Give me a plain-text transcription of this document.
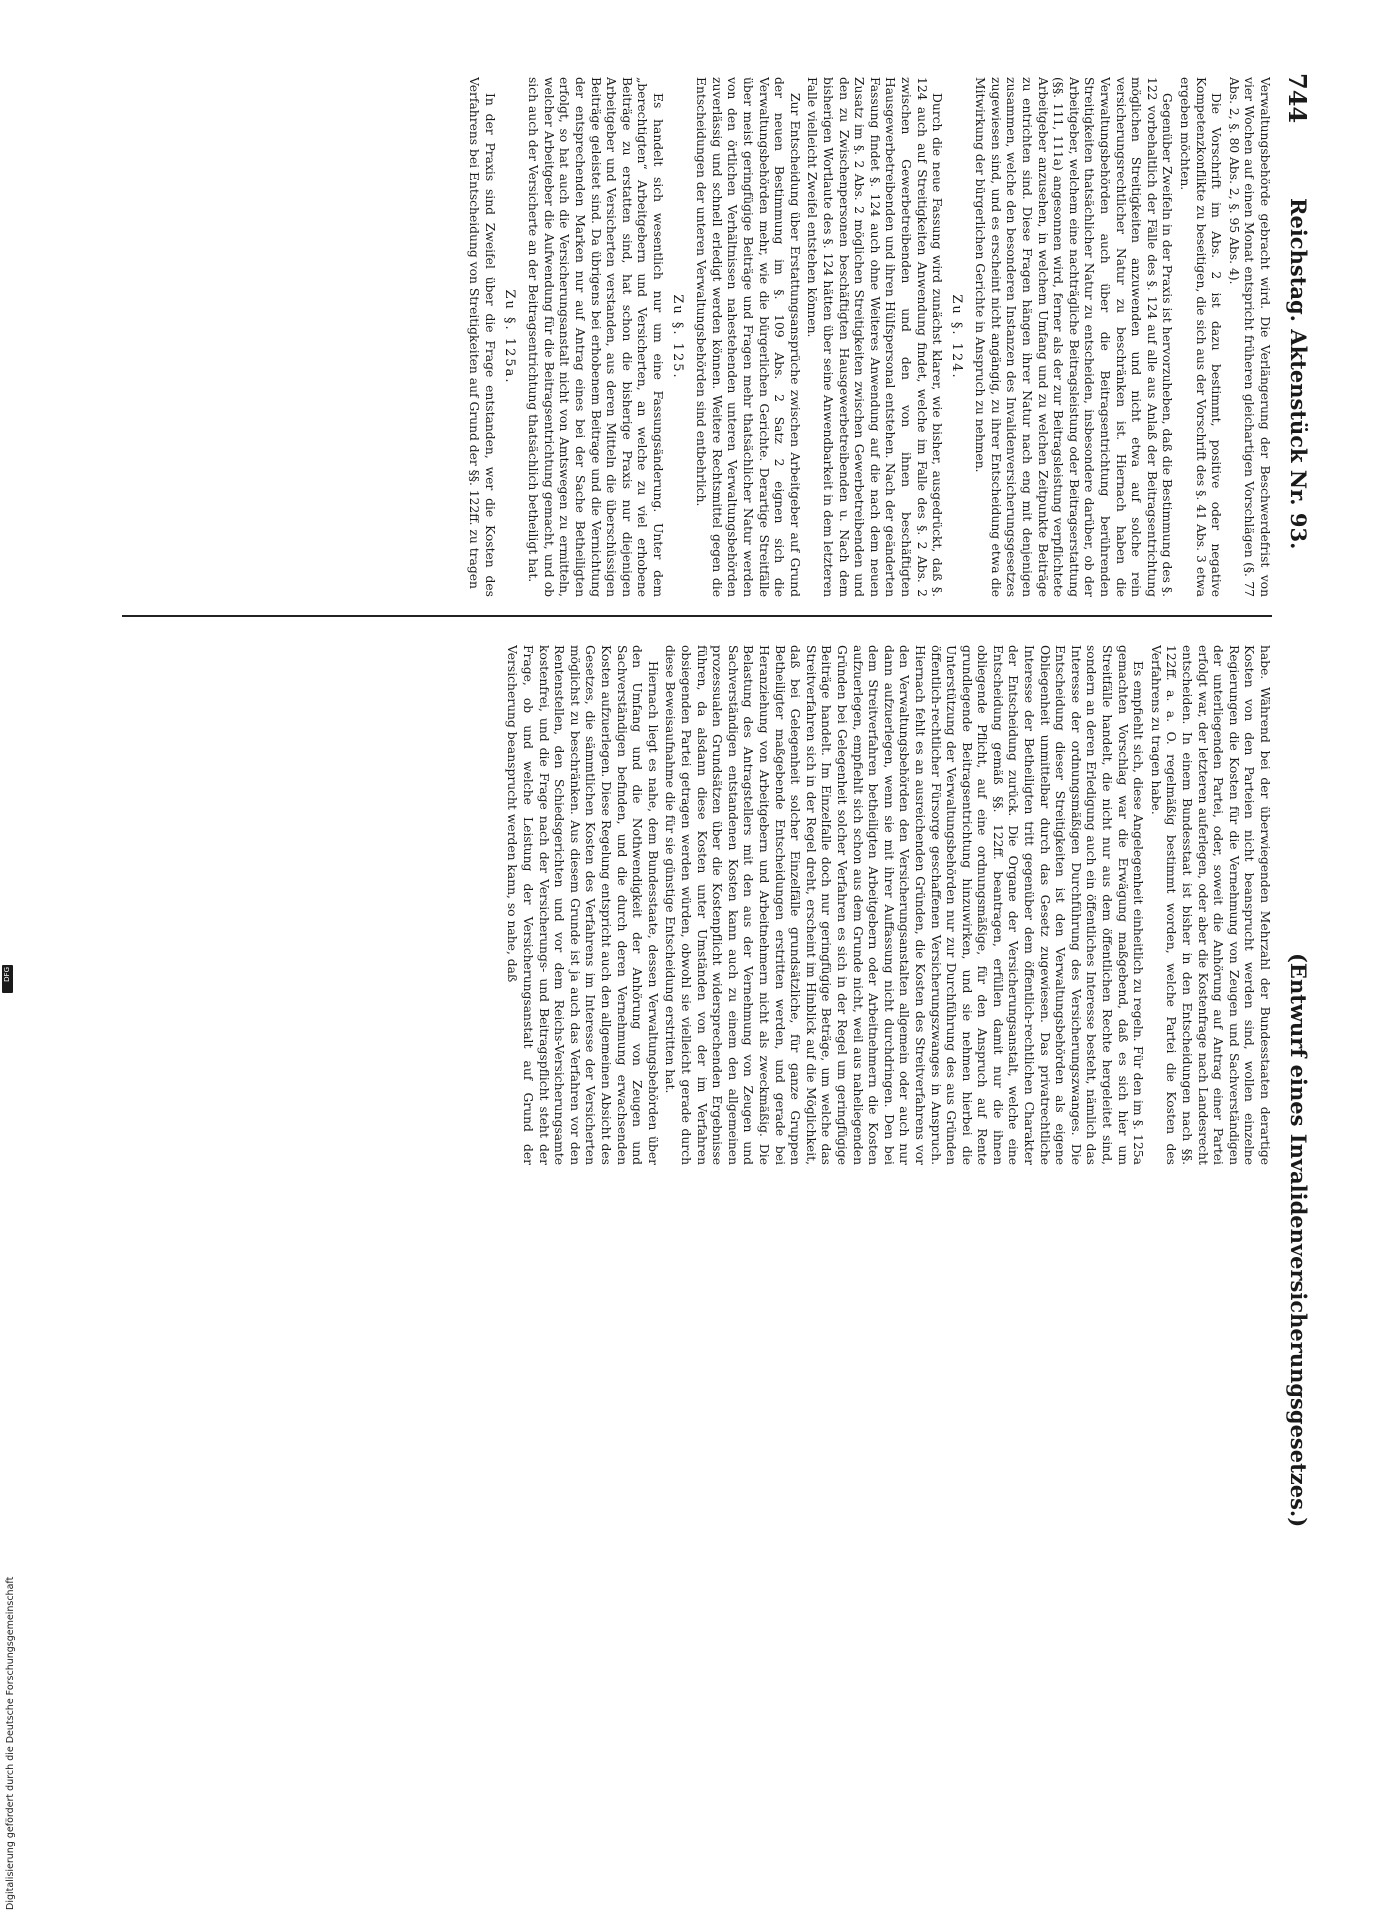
744
Reichstag. Aktenstück Nr. 93.
(Entwurf eines Invalidenversicherungsgesetzes.)

Verwaltungsbehörde gebracht wird. Die Verlängerung der Beschwerdefrist von vier Wochen auf einen Monat entspricht früheren gleichartigen Vorschlägen (§. 77 Abs. 2, §. 80 Abs. 2, §. 95 Abs. 4).

Die Vorschrift im Abs. 2 ist dazu bestimmt, positive oder negative Kompetenzkonflikte zu beseitigen, die sich aus der Vorschrift des §. 41 Abs. 3 etwa ergeben möchten.

Gegenüber Zweifeln in der Praxis ist hervorzuheben, daß die Bestimmung des §. 122 vorbehaltlich der Fälle des §. 124 auf alle aus Anlaß der Beitragsentrichtung möglichen Streitigkeiten anzuwenden und nicht etwa auf solche rein versicherungsrechtlicher Natur zu beschränken ist. Hiernach haben die Verwaltungsbehörden auch über die Beitragsentrichtung berührenden Streitigkeiten thatsächlicher Natur zu entscheiden, insbesondere darüber, ob der Arbeitgeber, welchem eine nachträgliche Beitragsleistung oder Beitragserstattung (§§. 111, 111a) angesonnen wird, ferner als der zur Beitragsleistung verpflichtete Arbeitgeber anzusehen, in welchem Umfang und zu welchen Zeitpunkte Beiträge zu entrichten sind. Diese Fragen hängen ihrer Natur nach eng mit denjenigen zusammen, welche den besonderen Instanzen des Invalidenversicherungsgesetzes zugewiesen sind, und es erscheint nicht angängig, zu ihrer Entscheidung etwa die Mitwirkung der bürgerlichen Gerichte in Anspruch zu nehmen.

Zu §. 124.

Durch die neue Fassung wird zunächst klarer, wie bisher, ausgedrückt, daß §. 124 auch auf Streitigkeiten Anwendung findet, welche im Falle des §. 2 Abs. 2 zwischen Gewerbetreibenden und den von ihnen beschäftigten Hausgewerbetreibenden und ihren Hülfspersonal entstehen. Nach der geänderten Fassung findet §. 124 auch ohne Weiteres Anwendung auf die nach dem neuen Zusatz im §. 2 Abs. 2 möglichen Streitigkeiten zwischen Gewerbetreibenden und den zu Zwischenpersonen beschäftigten Hausgewerbetreibenden u. Nach dem bisherigen Wortlaute des §. 124 hätten über seine Anwendbarkeit in dem letzteren Falle vielleicht Zweifel entstehen können.

Zur Entscheidung über Erstattungsansprüche zwischen Arbeitgeber auf Grund der neuen Bestimmung im §. 109 Abs. 2 Satz 2 eignen sich die Verwaltungsbehörden mehr, wie die bürgerlichen Gerichte. Derartige Streitfälle über meist geringfügige Beiträge und Fragen mehr thatsächlicher Natur werden von den örtlichen Verhältnissen nahestehenden unteren Verwaltungsbehörden zuverlässig und schnell erledigt werden können. Weitere Rechtsmittel gegen die Entscheidungen der unteren Verwaltungsbehörden sind entbehrlich.

Zu §. 125.

Es handelt sich wesentlich nur um eine Fassungsänderung. Unter dem „berechtigten“ Arbeitgebern und Versicherten, an welche zu viel erhobene Beiträge zu erstatten sind, hat schon die bisherige Praxis nur diejenigen Arbeitgeber und Versicherten verstanden, aus deren Mitteln die überschüssigen Beiträge geleistet sind. Da übrigens bei erhobenem Beitrage und die Vernichtung der entsprechenden Marken nur auf Antrag eines bei der Sache Betheiligten erfolgt, so hat auch die Versicherungsanstalt nicht von Amtswegen zu ermitteln, welcher Arbeitgeber die Aufwendung für die Beitragsentrichtung gemacht, und ob sich auch der Versicherte an der Beitragsentrichtung thatsächlich betheiligt hat.

Zu §. 125a.

In der Praxis sind Zweifel über die Frage entstanden, wer die Kosten des Verfahrens bei Entscheidung von Streitigkeiten auf Grund der §§. 122ff. zu tragen

habe. Während bei der überwiegenden Mehrzahl der Bundesstaaten derartige Kosten von den Parteien nicht beansprucht werden sind, wollen einzelne Regierungen die Kosten für die Vernehmung von Zeugen und Sachverständigen der unterliegenden Partei, oder, soweit die Anhörung auf Antrag einer Partei erfolgt war, der letzteren auferlegen, oder aber die Kostenfrage nach Landesrecht entscheiden. In einem Bundesstaat ist bisher in den Entscheidungen nach §§. 122ff. a. a. O. regelmäßig bestimmt worden, welche Partei die Kosten des Verfahrens zu tragen habe.

Es empfiehlt sich, diese Angelegenheit einheitlich zu regeln. Für den im §. 125a gemachten Vorschlag war die Erwägung maßgebend, daß es sich hier um Streitfälle handelt, die nicht nur aus dem öffentlichen Rechte hergeleitet sind, sondern an deren Erledigung auch ein öffentliches Interesse besteht, nämlich das Interesse der ordnungsmäßigen Durchführung des Versicherungszwanges. Die Entscheidung dieser Streitigkeiten ist den Verwaltungsbehörden als eigene Obliegenheit unmittelbar durch das Gesetz zugewiesen. Das privatrechtliche Interesse der Betheiligten tritt gegenüber dem öffentlich-rechtlichen Charakter der Entscheidung zurück. Die Organe der Versicherungsanstalt, welche eine Entscheidung gemäß §§. 122ff. beantragen, erfüllen damit nur die ihnen obliegende Pflicht, auf eine ordnungsmäßige, für den Anspruch auf Rente grundlegende Beitragsentrichtung hinzuwirken, und sie nehmen hierbei die Unterstützung der Verwaltungsbehörden nur zur Durchführung des aus Gründen öffentlich-rechtlicher Fürsorge geschaffenen Versicherungszwanges in Anspruch. Hiernach fehlt es an ausreichenden Gründen, die Kosten des Streitverfahrens vor den Verwaltungsbehörden den Versicherungsanstalten allgemein oder auch nur dann aufzuerlegen, wenn sie mit ihrer Auffassung nicht durchdringen. Den bei dem Streitverfahren betheiligten Arbeitgebern oder Arbeitnehmern die Kosten aufzuerlegen, empfiehlt sich schon aus dem Grunde nicht, weil aus naheliegenden Gründen bei Gelegenheit solcher Verfahren es sich in der Regel um geringfügige Beiträge handelt. Im Einzelfalle doch nur geringfügige Beträge, um welche das Streitverfahren sich in der Regel dreht, erscheint im Hinblick auf die Möglichkeit, daß bei Gelegenheit solcher Einzelfälle grundsätzliche, für ganze Gruppen Betheiligter maßgebende Entscheidungen erstritten werden, und gerade bei Heranziehung von Arbeitgebern und Arbeitnehmern nicht als zweckmäßig. Die Belastung des Antragstellers mit den aus der Vernehmung von Zeugen und Sachverständigen entstandenen Kosten kann auch zu einem den allgemeinen prozessualen Grundsätzen über die Kostenpflicht widersprechenden Ergebnisse führen, da alsdann diese Kosten unter Umständen von der im Verfahren obsiegenden Partei getragen werden würden, obwohl sie vielleicht gerade durch diese Beweisaufnahme die für sie günstige Entscheidung erstritten hat.

Hiernach liegt es nahe, dem Bundesstaate, dessen Verwaltungsbehörden über den Umfang und die Nothwendigkeit der Anhörung von Zeugen und Sachverständigen befinden, und die durch deren Vernehmung erwachsenden Kosten aufzuerlegen. Diese Regelung entspricht auch den allgemeinen Absicht des Gesetzes, die sämmtlichen Kosten des Verfahrens im Interesse der Versicherten möglichst zu beschränken. Aus diesem Grunde ist ja auch das Verfahren vor den Rentenstellen, den Schiedsgerichten und vor dem Reichs-Versicherungsamte kostenfrei, und die Frage nach der Versicherungs- und Beitragspflicht steht der Frage, ob und welche Leistung der Versicherungsanstalt auf Grund der Versicherung beansprucht werden kann, so nahe, daß

Digitalisierung gefördert durch die Deutsche Forschungsgemeinschaft
DFG
